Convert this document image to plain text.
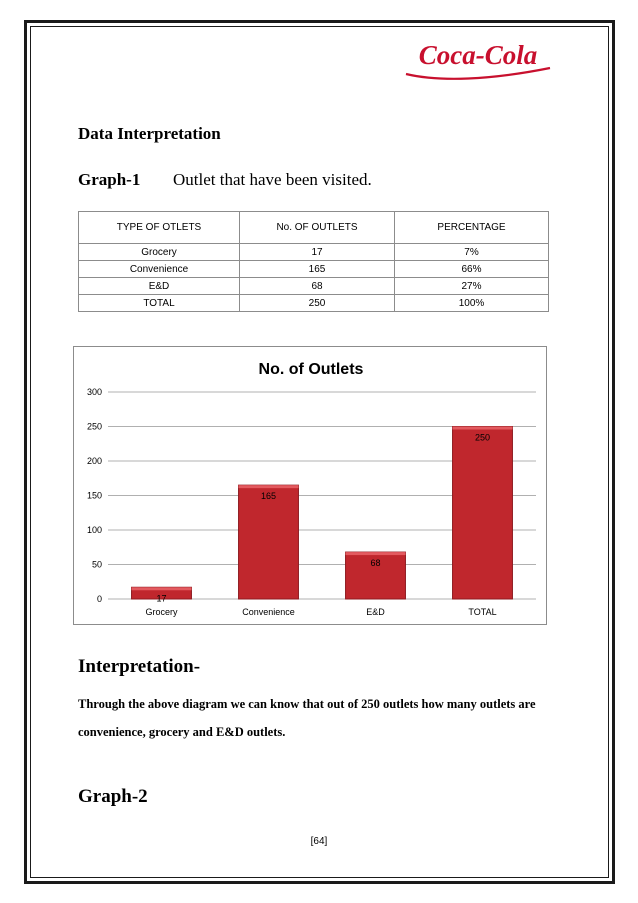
Coca-Cola
Data Interpretation
Graph-1 Outlet that have been visited.
TYPE OF OTLETS	No. OF OUTLETS	PERCENTAGE
Grocery	17	7%
Convenience	165	66%
E&D	68	27%
TOTAL	250	100%
No. of Outlets
0
50
100
150
200
250
300
17
Grocery
165
Convenience
68
E&D
250
TOTAL
Interpretation-
Through the above diagram we can know that out of 250 outlets how many outlets are convenience, grocery and E&D outlets.
Graph-2
[64]
